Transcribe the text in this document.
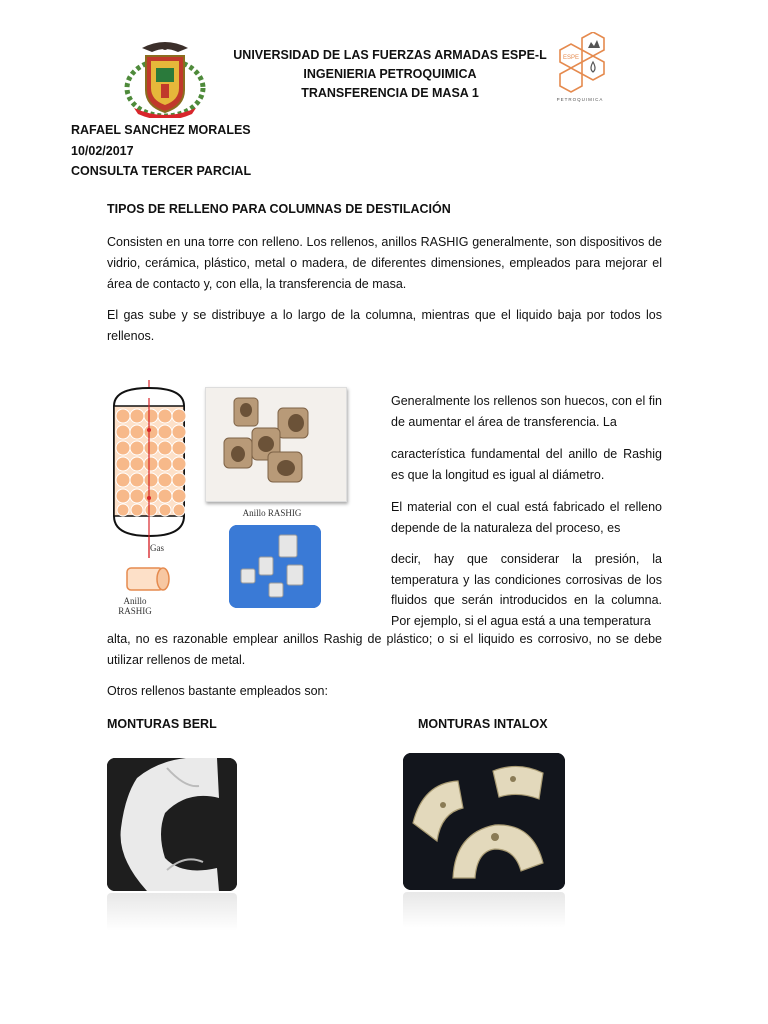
UNIVERSIDAD DE LAS FUERZAS ARMADAS ESPE-L
INGENIERIA PETROQUIMICA
TRANSFERENCIA DE MASA 1
ESPE
PETROQUIMICA
RAFAEL SANCHEZ MORALES
10/02/2017
CONSULTA TERCER PARCIAL
TIPOS DE RELLENO PARA COLUMNAS DE DESTILACIÓN
Consisten en una torre con relleno. Los rellenos, anillos RASHIG generalmente, son dispositivos de vidrio, cerámica, plástico, metal o madera, de diferentes dimensiones, empleados para mejorar el área de contacto y, con ella, la transferencia de masa.
El gas sube y se distribuye a lo largo de la columna, mientras que el liquido baja por todos los rellenos.
Gas
Anillo
RASHIG
Anillo RASHIG
Generalmente los rellenos son huecos, con el fin de aumentar el área de transferencia. La
característica fundamental del anillo de Rashig es que la longitud es igual al diámetro.
El material con el cual está fabricado el relleno depende de la naturaleza del proceso, es
decir, hay que considerar la presión, la temperatura y las condiciones corrosivas de los fluidos que serán introducidos en la columna. Por ejemplo, si el agua está a una temperatura
alta, no es razonable emplear anillos Rashig de plástico; o si el liquido es corrosivo, no se debe utilizar rellenos de metal.
Otros rellenos bastante empleados son:
MONTURAS BERL	MONTURAS INTALOX
